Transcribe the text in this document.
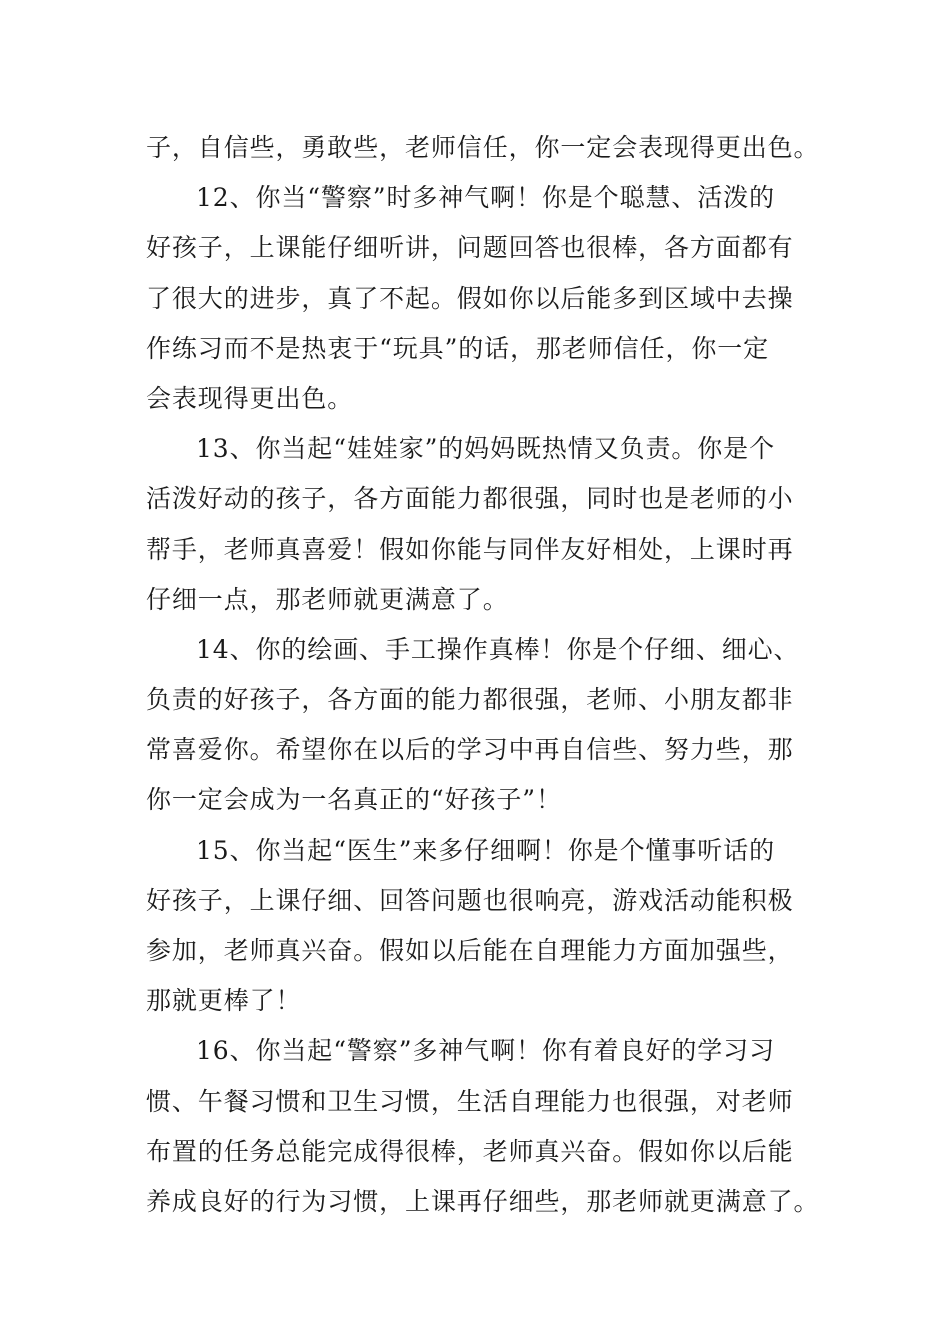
子，自信些，勇敢些，老师信任，你一定会表现得更出色。
12、你当“警察”时多神气啊！你是个聪慧、活泼的
好孩子，上课能仔细听讲，问题回答也很棒，各方面都有
了很大的进步，真了不起。假如你以后能多到区域中去操
作练习而不是热衷于“玩具”的话，那老师信任，你一定
会表现得更出色。
13、你当起“娃娃家”的妈妈既热情又负责。你是个
活泼好动的孩子，各方面能力都很强，同时也是老师的小
帮手，老师真喜爱！假如你能与同伴友好相处，上课时再
仔细一点，那老师就更满意了。
14、你的绘画、手工操作真棒！你是个仔细、细心、
负责的好孩子，各方面的能力都很强，老师、小朋友都非
常喜爱你。希望你在以后的学习中再自信些、努力些，那
你一定会成为一名真正的“好孩子”！
15、你当起“医生”来多仔细啊！你是个懂事听话的
好孩子，上课仔细、回答问题也很响亮，游戏活动能积极
参加，老师真兴奋。假如以后能在自理能力方面加强些，
那就更棒了！
16、你当起“警察”多神气啊！你有着良好的学习习
惯、午餐习惯和卫生习惯，生活自理能力也很强，对老师
布置的任务总能完成得很棒，老师真兴奋。假如你以后能
养成良好的行为习惯，上课再仔细些，那老师就更满意了。
